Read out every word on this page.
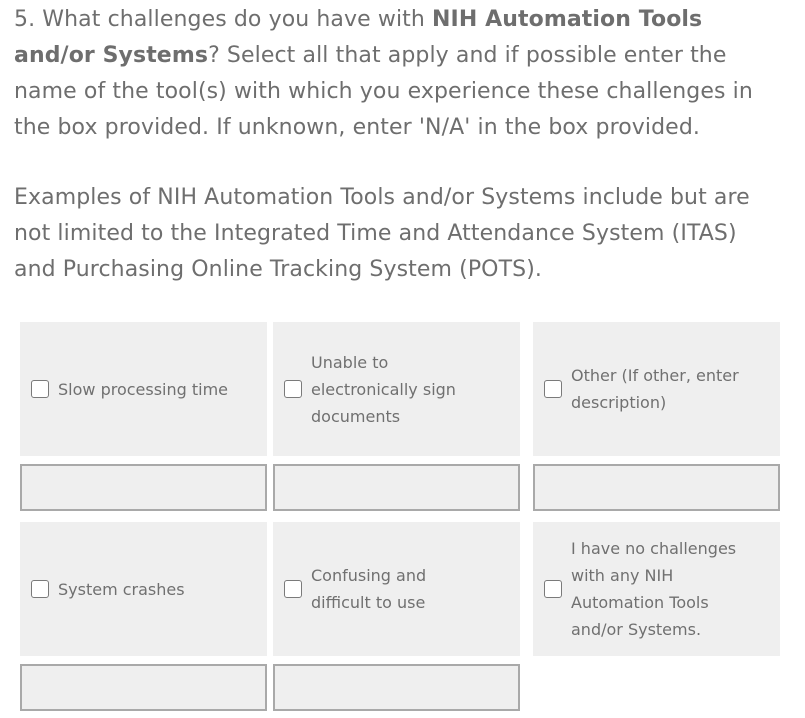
5. What challenges do you have with NIH Automation Tools and/or Systems? Select all that apply and if possible enter the name of the tool(s) with which you experience these challenges in the box provided. If unknown, enter 'N/A' in the box provided.
Examples of NIH Automation Tools and/or Systems include but are not limited to the Integrated Time and Attendance System (ITAS) and Purchasing Online Tracking System (POTS).
Slow processing time
Unable to electronically sign documents
Other (If other, enter description)
System crashes
Confusing and difficult to use
I have no challenges with any NIH Automation Tools and/or Systems.
